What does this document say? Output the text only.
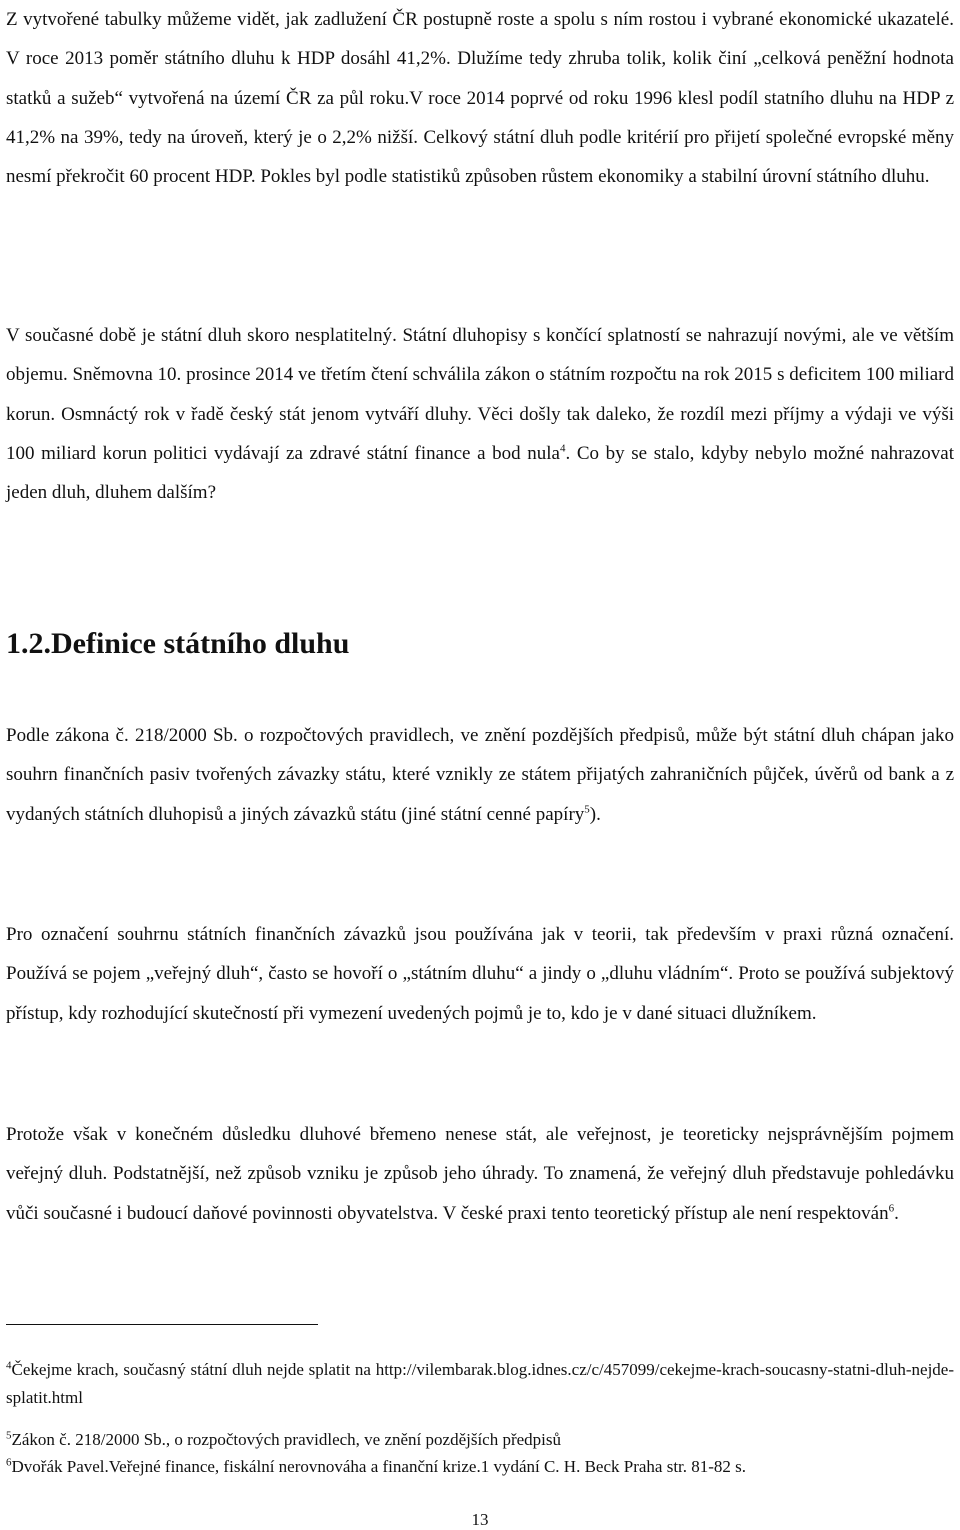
Z vytvořené tabulky můžeme vidět, jak zadlužení ČR postupně roste a spolu s ním rostou i vybrané ekonomické ukazatelé. V roce 2013 poměr státního dluhu k HDP dosáhl 41,2%. Dlužíme tedy zhruba tolik, kolik činí „celková peněžní hodnota statků a sužeb“ vytvořená na území ČR za půl roku.V roce 2014 poprvé od roku 1996 klesl podíl statního dluhu na HDP z 41,2% na 39%, tedy na úroveň, který je o 2,2% nižší. Celkový státní dluh podle kritérií pro přijetí společné evropské měny nesmí překročit 60 procent HDP. Pokles byl podle statistiků způsoben růstem ekonomiky a stabilní úrovní státního dluhu.

V současné době je státní dluh skoro nesplatitelný. Státní dluhopisy s končící splatností se nahrazují novými, ale ve větším objemu. Sněmovna 10. prosince 2014 ve třetím čtení schválila zákon o státním rozpočtu na rok 2015 s deficitem 100 miliard korun. Osmnáctý rok v řadě český stát jenom vytváří dluhy. Věci došly tak daleko, že rozdíl mezi příjmy a výdaji ve výši 100 miliard korun politici vydávají za zdravé státní finance a bod nula$^4$. Co by se stalo, kdyby nebylo možné nahrazovat jeden dluh, dluhem dalším?

1.2.Definice státního dluhu

Podle zákona č. 218/2000 Sb. o rozpočtových pravidlech, ve znění pozdějších předpisů, může být státní dluh chápan jako souhrn finančních pasiv tvořených závazky státu, které vznikly ze státem přijatých zahraničních půjček, úvěrů od bank a z vydaných státních dluhopisů a jiných závazků státu (jiné státní cenné papíry$^5$).

Pro označení souhrnu státních finančních závazků jsou používána jak v teorii, tak především v praxi různá označení. Používá se pojem „veřejný dluh“, často se hovoří o „státním dluhu“ a jindy o „dluhu vládním“. Proto se používá subjektový přístup, kdy rozhodující skutečností při vymezení uvedených pojmů je to, kdo je v dané situaci dlužníkem.

Protože však v konečném důsledku dluhové břemeno nenese stát, ale veřejnost, je teoreticky nejsprávnějším pojmem veřejný dluh. Podstatnější, než způsob vzniku je způsob jeho úhrady. To znamená, že veřejný dluh představuje pohledávku vůči současné i budoucí daňové povinnosti obyvatelstva. V české praxi tento teoretický přístup ale není respektován$^6$.

$^4$Čekejme krach, současný státní dluh nejde splatit na http://vilembarak.blog.idnes.cz/c/457099/cekejme-krach-soucasny-statni-dluh-nejde-splatit.html

$^5$Zákon č. 218/2000 Sb., o rozpočtových pravidlech, ve znění pozdějších předpisů

$^6$Dvořák Pavel.Veřejné finance, fiskální nerovnováha a finanční krize.1 vydání C. H. Beck Praha str. 81-82 s.

13
